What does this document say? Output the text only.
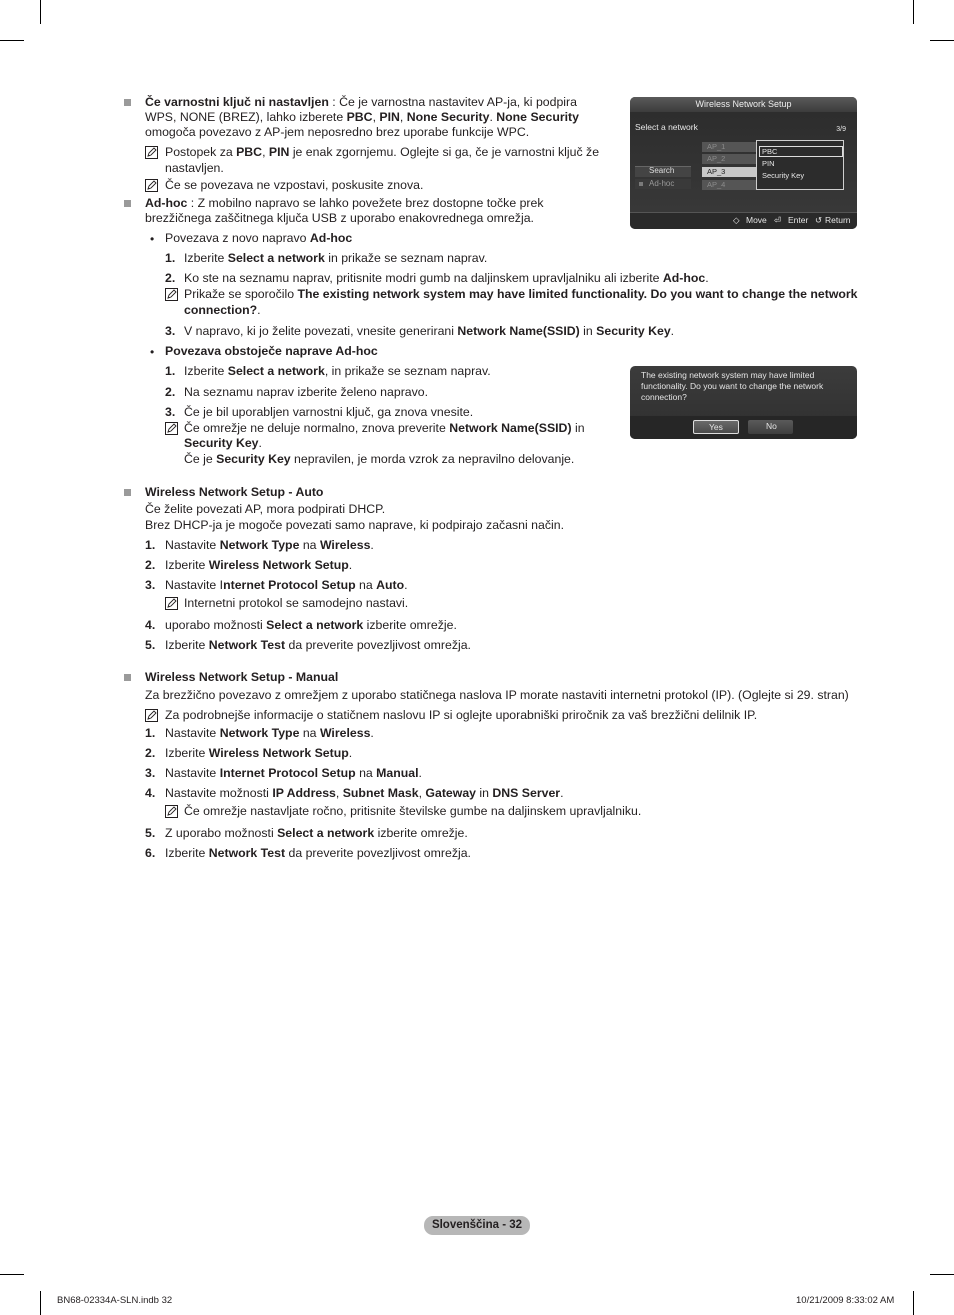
Če varnostni ključ ni nastavljen : Če je varnostna nastavitev AP-ja, ki podpira
WPS, NONE (BREZ), lahko izberete PBC, PIN, None Security. None Security
omogoča povezavo z AP-jem neposredno brez uporabe funkcije WPC.
Postopek za PBC, PIN je enak zgornjemu. Oglejte si ga, če je varnostni ključ že
nastavljen.
Če se povezava ne vzpostavi, poskusite znova.
Ad-hoc : Z mobilno napravo se lahko povežete brez dostopne točke prek
brezžičnega zaščitnega ključa USB z uporabo enakovrednega omrežja.
• Povezava z novo napravo Ad-hoc
1. Izberite Select a network in prikaže se seznam naprav.
2. Ko ste na seznamu naprav, pritisnite modri gumb na daljinskem upravljalniku ali izberite Ad-hoc.
Prikaže se sporočilo The existing network system may have limited functionality. Do you want to change the network
connection?.
3. V napravo, ki jo želite povezati, vnesite generirani Network Name(SSID) in Security Key.
• Povezava obstoječe naprave Ad-hoc
1. Izberite Select a network, in prikaže se seznam naprav.
2. Na seznamu naprav izberite želeno napravo.
3. Če je bil uporabljen varnostni ključ, ga znova vnesite.
Če omrežje ne deluje normalno, znova preverite Network Name(SSID) in
Security Key.
Če je Security Key nepravilen, je morda vzrok za nepravilno delovanje.
Wireless Network Setup
Select a network	3/9
AP_1
AP_2
AP_3
AP_4
Search
Ad-hoc
PBC
PIN
Security Key
◇ Move ⏎ Enter ↺ Return
The existing network system may have limited
functionality. Do you want to change the network
connection?
Yes	No
Wireless Network Setup - Auto
Če želite povezati AP, mora podpirati DHCP.
Brez DHCP-ja je mogoče povezati samo naprave, ki podpirajo začasni način.
1. Nastavite Network Type na Wireless.
2. Izberite Wireless Network Setup.
3. Nastavite Internet Protocol Setup na Auto.
Internetni protokol se samodejno nastavi.
4. uporabo možnosti Select a network izberite omrežje.
5. Izberite Network Test da preverite povezljivost omrežja.
Wireless Network Setup - Manual
Za brezžično povezavo z omrežjem z uporabo statičnega naslova IP morate nastaviti internetni protokol (IP). (Oglejte si 29. stran)
Za podrobnejše informacije o statičnem naslovu IP si oglejte uporabniški priročnik za vaš brezžični delilnik IP.
1. Nastavite Network Type na Wireless.
2. Izberite Wireless Network Setup.
3. Nastavite Internet Protocol Setup na Manual.
4. Nastavite možnosti IP Address, Subnet Mask, Gateway in DNS Server.
Če omrežje nastavljate ročno, pritisnite številske gumbe na daljinskem upravljalniku.
5. Z uporabo možnosti Select a network izberite omrežje.
6. Izberite Network Test da preverite povezljivost omrežja.
Slovenščina - 32
BN68-02334A-SLN.indb 32	10/21/2009 8:33:02 AM
